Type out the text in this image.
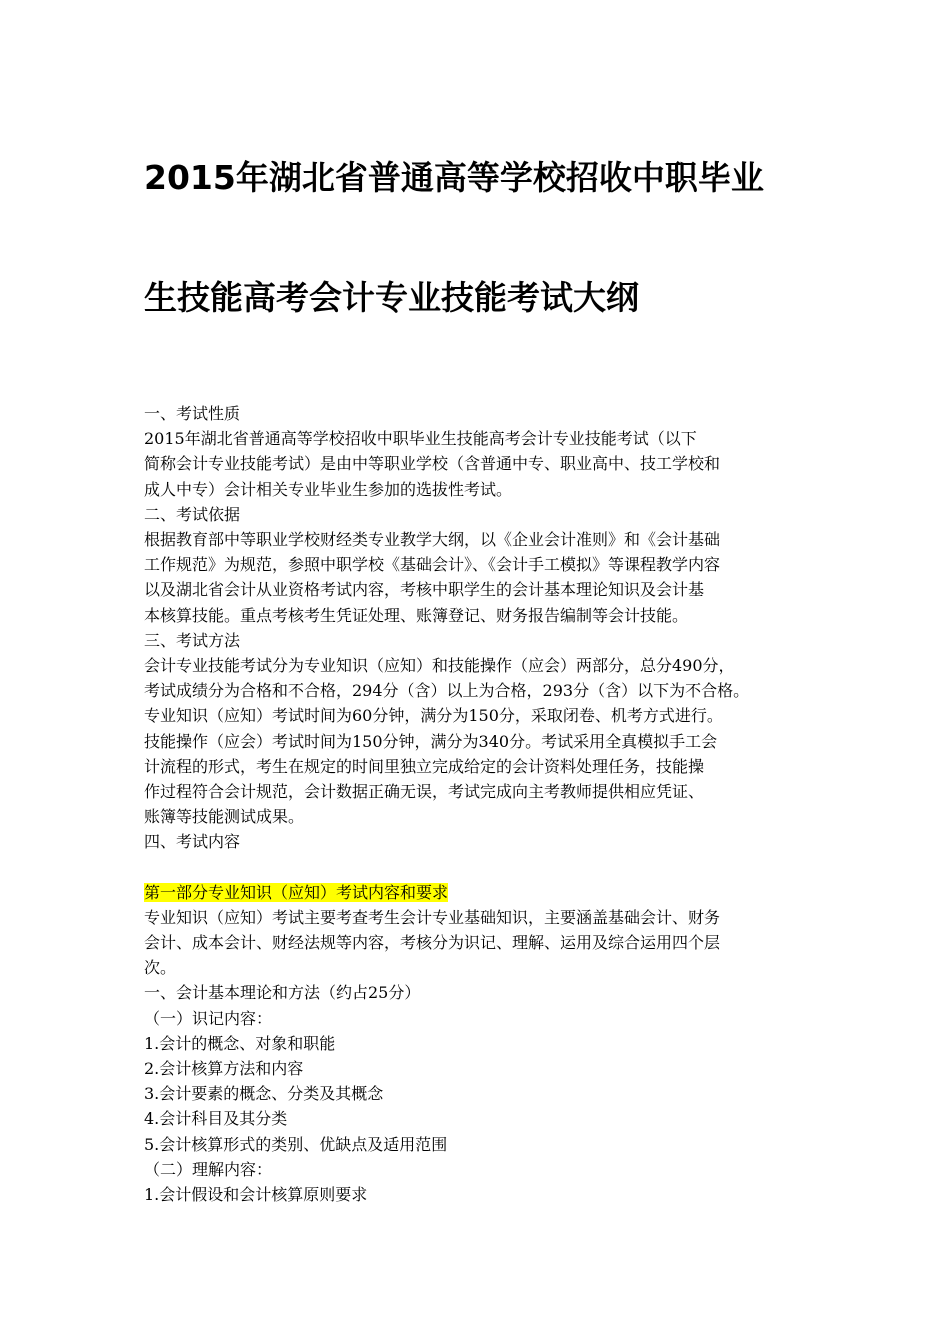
2015年湖北省普通高等学校招收中职毕业
生技能高考会计专业技能考试大纲

一、考试性质

2015年湖北省普通高等学校招收中职毕业生技能高考会计专业技能考试（以下

简称会计专业技能考试）是由中等职业学校（含普通中专、职业高中、技工学校和

成人中专）会计相关专业毕业生参加的选拔性考试。

二、考试依据

根据教育部中等职业学校财经类专业教学大纲，以《企业会计准则》和《会计基础

工作规范》为规范，参照中职学校《基础会计》、《会计手工模拟》等课程教学内容

以及湖北省会计从业资格考试内容，考核中职学生的会计基本理论知识及会计基

本核算技能。重点考核考生凭证处理、账簿登记、财务报告编制等会计技能。

三、考试方法

会计专业技能考试分为专业知识（应知）和技能操作（应会）两部分，总分490分，

考试成绩分为合格和不合格，294分（含）以上为合格，293分（含）以下为不合格。

专业知识（应知）考试时间为60分钟，满分为150分，采取闭卷、机考方式进行。

技能操作（应会）考试时间为150分钟，满分为340分。考试采用全真模拟手工会

计流程的形式，考生在规定的时间里独立完成给定的会计资料处理任务，技能操

作过程符合会计规范，会计数据正确无误，考试完成向主考教师提供相应凭证、

账簿等技能测试成果。

四、考试内容

第一部分专业知识（应知）考试内容和要求

专业知识（应知）考试主要考查考生会计专业基础知识，主要涵盖基础会计、财务

会计、成本会计、财经法规等内容，考核分为识记、理解、运用及综合运用四个层

次。

一、会计基本理论和方法（约占25分）

（一）识记内容：

1.会计的概念、对象和职能

2.会计核算方法和内容

3.会计要素的概念、分类及其概念

4.会计科目及其分类

5.会计核算形式的类别、优缺点及适用范围

（二）理解内容：

1.会计假设和会计核算原则要求
